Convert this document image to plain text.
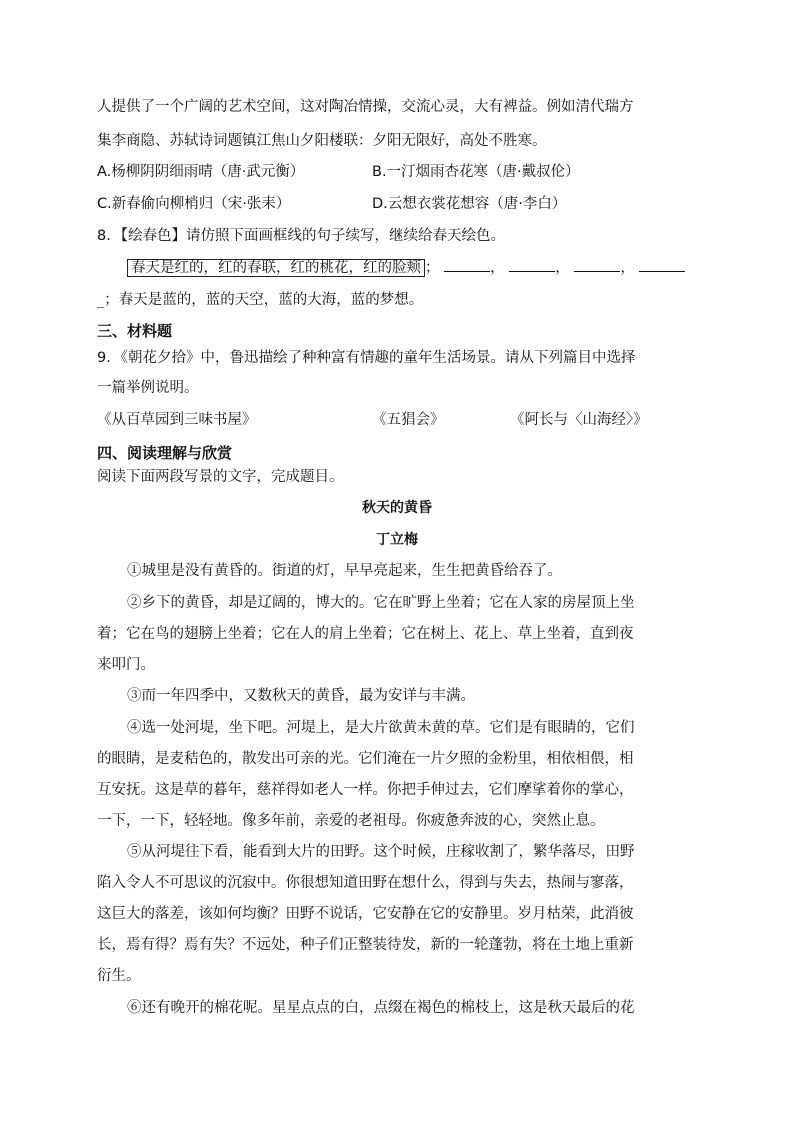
人提供了一个广阔的艺术空间，这对陶冶情操，交流心灵，大有裨益。例如清代瑞方
集李商隐、苏轼诗词题镇江焦山夕阳楼联：夕阳无限好，高处不胜寒。
A.杨柳阴阴细雨晴（唐·武元衡）	B.一汀烟雨杏花寒（唐·戴叔伦）
C.新春偷向柳梢归（宋·张耒）	D.云想衣裳花想容（唐·李白）
8．【绘春色】请仿照下面画框线的句子续写，继续给春天绘色。
春天是红的，红的春联，红的桃花，红的脸颊 ；	，	，	，
_；春天是蓝的，蓝的天空，蓝的大海，蓝的梦想。
三、材料题
9．《朝花夕拾》中，鲁迅描绘了种种富有情趣的童年生活场景。请从下列篇目中选择
一篇举例说明。
《从百草园到三味书屋》	《五猖会》	《阿长与〈山海经〉》
四、阅读理解与欣赏
阅读下面两段写景的文字，完成题目。
秋天的黄昏
丁立梅
①城里是没有黄昏的。街道的灯，早早亮起来，生生把黄昏给吞了。
②乡下的黄昏，却是辽阔的，博大的。它在旷野上坐着；它在人家的房屋顶上坐
着；它在鸟的翅膀上坐着；它在人的肩上坐着；它在树上、花上、草上坐着，直到夜
来叩门。
③而一年四季中，又数秋天的黄昏，最为安详与丰满。
④选一处河堤，坐下吧。河堤上，是大片欲黄未黄的草。它们是有眼睛的，它们
的眼睛，是麦秸色的，散发出可亲的光。它们淹在一片夕照的金粉里，相依相偎，相
互安抚。这是草的暮年，慈祥得如老人一样。你把手伸过去，它们摩挲着你的掌心，
一下，一下，轻轻地。像多年前，亲爱的老祖母。你疲惫奔波的心，突然止息。
⑤从河堤往下看，能看到大片的田野。这个时候，庄稼收割了，繁华落尽，田野
陷入令人不可思议的沉寂中。你很想知道田野在想什么，得到与失去，热闹与寥落，
这巨大的落差，该如何均衡？田野不说话，它安静在它的安静里。岁月枯荣，此消彼
长，焉有得？焉有失？不远处，种子们正整装待发，新的一轮蓬勃，将在土地上重新
衍生。
⑥还有晚开的棉花呢。星星点点的白，点缀在褐色的棉枝上，这是秋天最后的花
